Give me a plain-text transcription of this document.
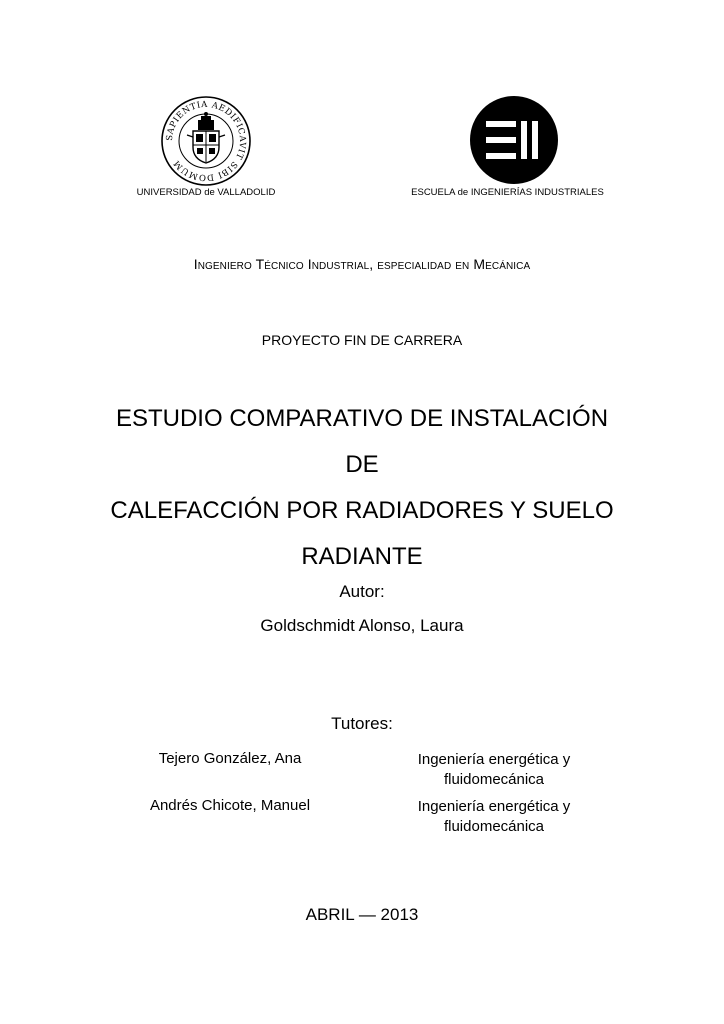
SAPIENTIA AEDIFICAVIT SIBI DOMUM
UNIVERSIDAD de VALLADOLID	ESCUELA de INGENIERÍAS INDUSTRIALES
Ingeniero Técnico Industrial, especialidad en Mecánica
PROYECTO FIN DE CARRERA
ESTUDIO COMPARATIVO DE INSTALACIÓN DE
CALEFACCIÓN POR RADIADORES Y SUELO
RADIANTE
Autor:
Goldschmidt Alonso, Laura
Tutores:
Tejero González, Ana	Ingeniería energética y
fluidomecánica
Andrés Chicote, Manuel	Ingeniería energética y
fluidomecánica
ABRIL — 2013
